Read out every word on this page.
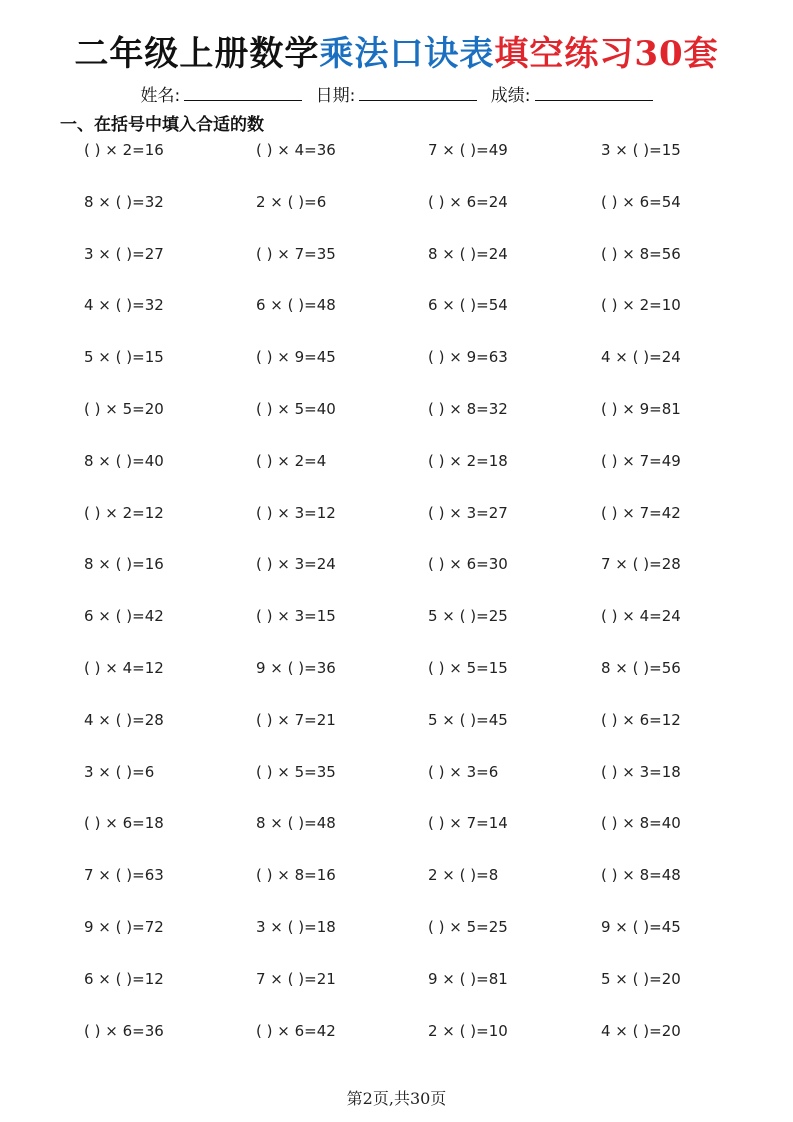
二年级上册数学乘法口诀表填空练习30套
姓名:	日期:	成绩:
一、在括号中填入合适的数
( ) × 2=16	( ) × 4=36	7 × ( )=49	3 × ( )=15
8 × ( )=32	2 × ( )=6	( ) × 6=24	( ) × 6=54
3 × ( )=27	( ) × 7=35	8 × ( )=24	( ) × 8=56
4 × ( )=32	6 × ( )=48	6 × ( )=54	( ) × 2=10
5 × ( )=15	( ) × 9=45	( ) × 9=63	4 × ( )=24
( ) × 5=20	( ) × 5=40	( ) × 8=32	( ) × 9=81
8 × ( )=40	( ) × 2=4	( ) × 2=18	( ) × 7=49
( ) × 2=12	( ) × 3=12	( ) × 3=27	( ) × 7=42
8 × ( )=16	( ) × 3=24	( ) × 6=30	7 × ( )=28
6 × ( )=42	( ) × 3=15	5 × ( )=25	( ) × 4=24
( ) × 4=12	9 × ( )=36	( ) × 5=15	8 × ( )=56
4 × ( )=28	( ) × 7=21	5 × ( )=45	( ) × 6=12
3 × ( )=6	( ) × 5=35	( ) × 3=6	( ) × 3=18
( ) × 6=18	8 × ( )=48	( ) × 7=14	( ) × 8=40
7 × ( )=63	( ) × 8=16	2 × ( )=8	( ) × 8=48
9 × ( )=72	3 × ( )=18	( ) × 5=25	9 × ( )=45
6 × ( )=12	7 × ( )=21	9 × ( )=81	5 × ( )=20
( ) × 6=36	( ) × 6=42	2 × ( )=10	4 × ( )=20
第2页,共30页
